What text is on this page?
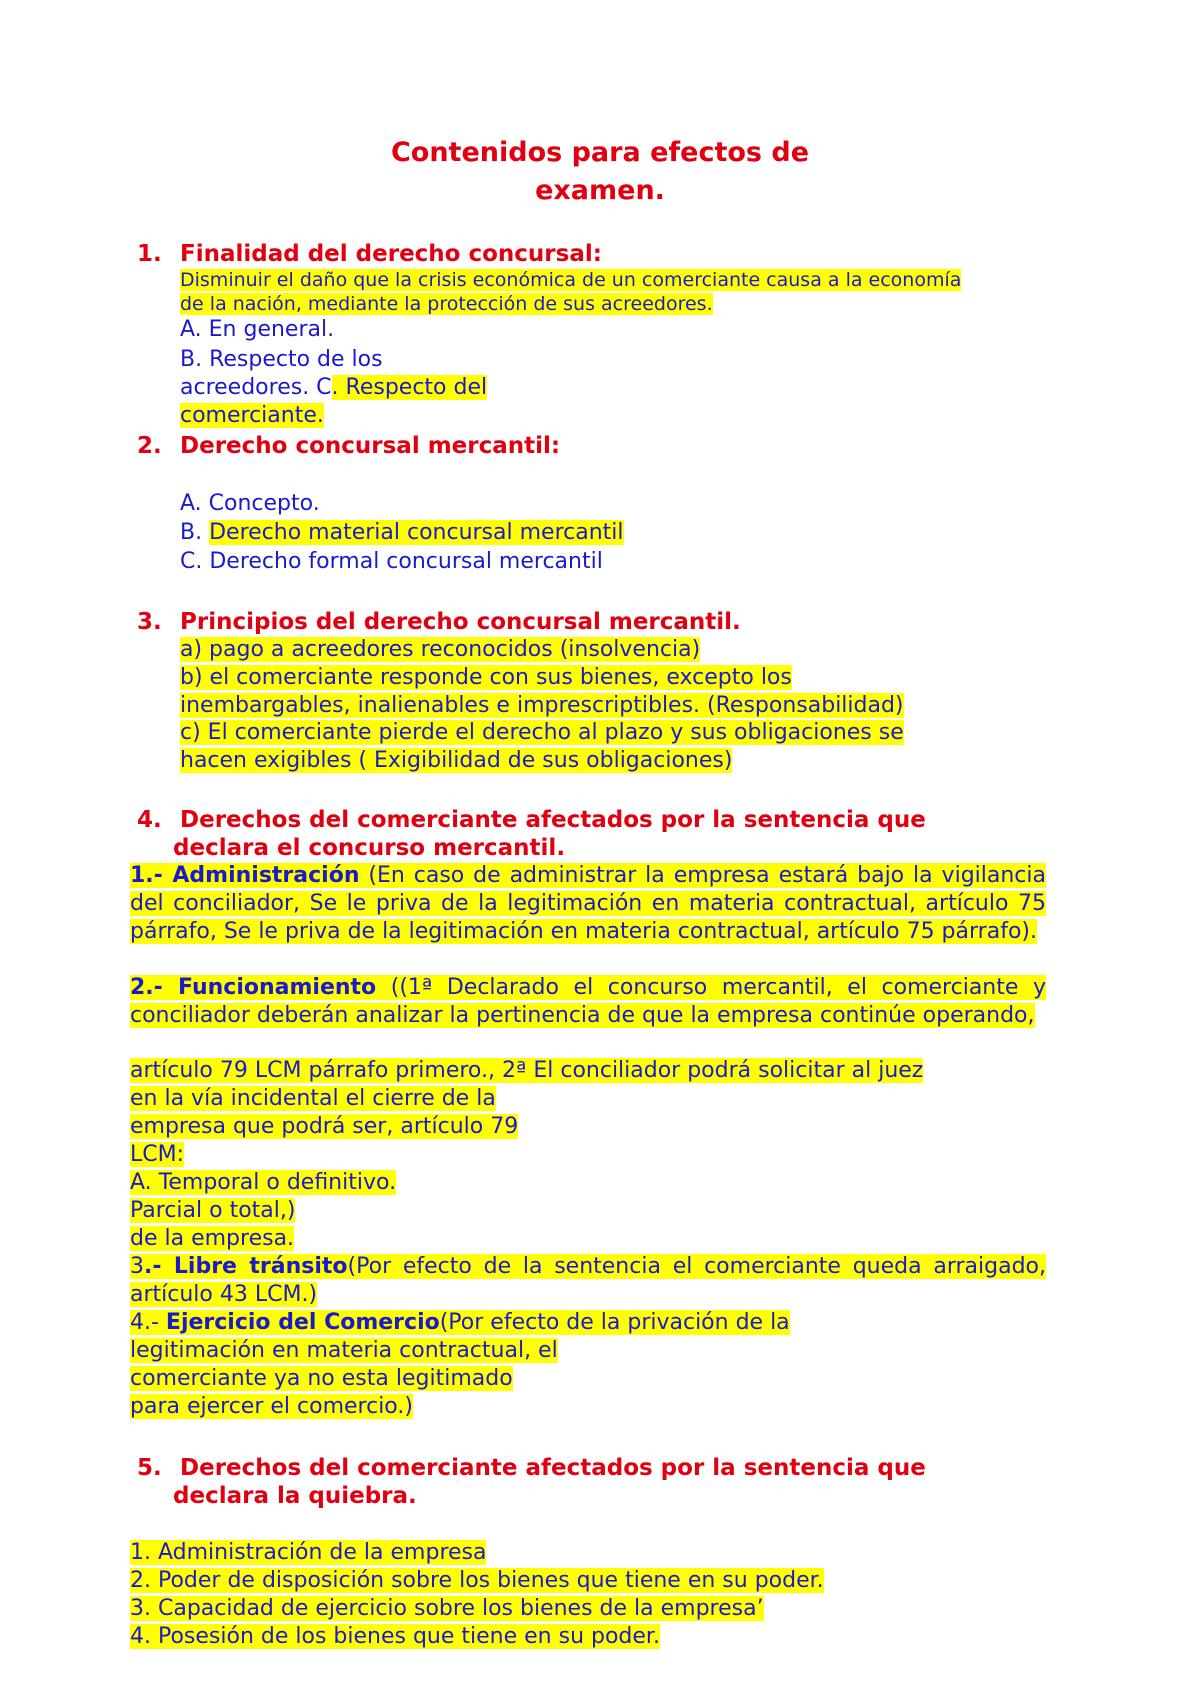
Contenidos para efectos de
examen.
1. Finalidad del derecho concursal:
Disminuir el daño que la crisis económica de un comerciante causa a la economía
de la nación, mediante la protección de sus acreedores.
A. En general.
B. Respecto de los
acreedores. C. Respecto del
comerciante.
2. Derecho concursal mercantil:
A. Concepto.
B. Derecho material concursal mercantil
C. Derecho formal concursal mercantil
3. Principios del derecho concursal mercantil.
a) pago a acreedores reconocidos (insolvencia)
b) el comerciante responde con sus bienes, excepto los
inembargables, inalienables e imprescriptibles. (Responsabilidad)
c) El comerciante pierde el derecho al plazo y sus obligaciones se
hacen exigibles ( Exigibilidad de sus obligaciones)
4. Derechos del comerciante afectados por la sentencia que
declara el concurso mercantil.
1.- Administración (En caso de administrar la empresa estará bajo la vigilancia del conciliador, Se le priva de la legitimación en materia contractual, artículo 75 párrafo, Se le priva de la legitimación en materia contractual, artículo 75 párrafo).
2.- Funcionamiento ((1ª Declarado el concurso mercantil, el comerciante y conciliador deberán analizar la pertinencia de que la empresa continúe operando,
artículo 79 LCM párrafo primero., 2ª El conciliador podrá solicitar al juez
en la vía incidental el cierre de la
empresa que podrá ser, artículo 79
LCM:
A. Temporal o definitivo.
Parcial o total,)
de la empresa.
3.- Libre tránsito(Por efecto de la sentencia el comerciante queda arraigado, artículo 43 LCM.)
4.- Ejercicio del Comercio(Por efecto de la privación de la
legitimación en materia contractual, el
comerciante ya no esta legitimado
para ejercer el comercio.)
5. Derechos del comerciante afectados por la sentencia que
declara la quiebra.
1. Administración de la empresa
2. Poder de disposición sobre los bienes que tiene en su poder.
3. Capacidad de ejercicio sobre los bienes de la empresa’
4. Posesión de los bienes que tiene en su poder.
